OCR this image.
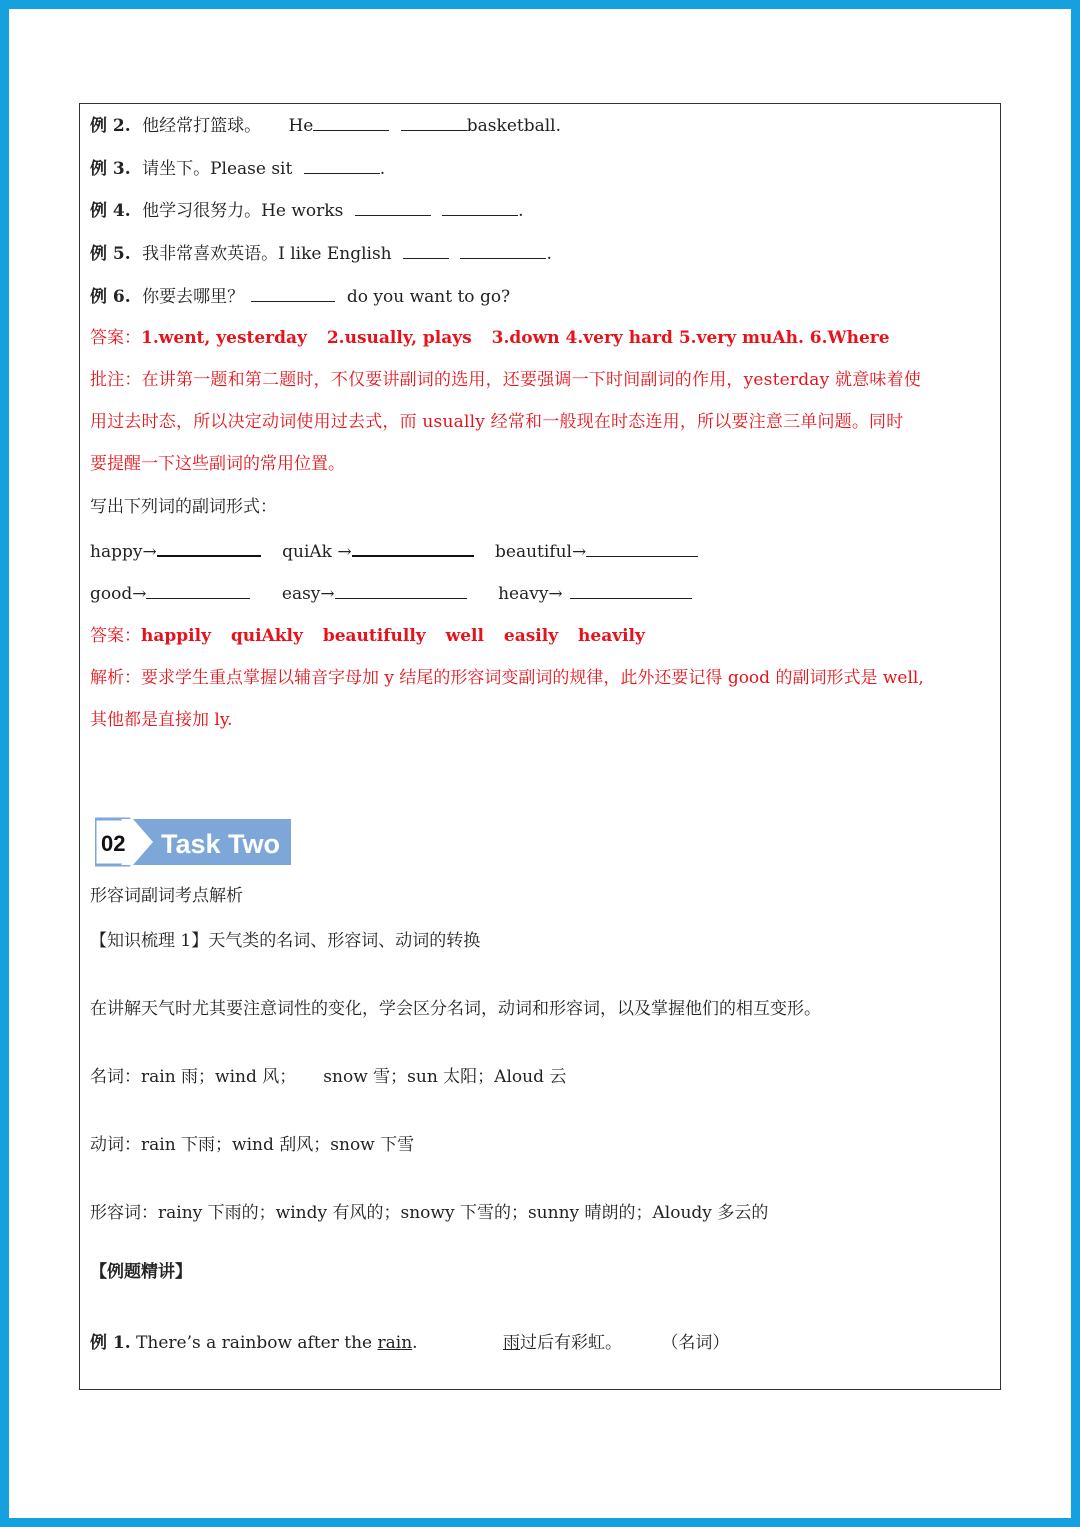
例 2. 他经常打篮球。 He	basketball.

例 3. 请坐下。Please sit	.

例 4. 他学习很努力。He works	.

例 5. 我非常喜欢英语。I like English	.

例 6. 你要去哪里？	do you want to go?

答案：1.went, yesterday 2.usually, plays 3.down 4.very hard 5.very muAh. 6.Where

批注：在讲第一题和第二题时，不仅要讲副词的选用，还要强调一下时间副词的作用，yesterday 就意味着使

用过去时态，所以决定动词使用过去式，而 usually 经常和一般现在时态连用，所以要注意三单问题。同时

要提醒一下这些副词的常用位置。

写出下列词的副词形式：

happy→	quiAk →	beautiful→

good→	easy→	heavy→

答案：happily quiAkly beautifully well easily heavily

解析：要求学生重点掌握以辅音字母加 y 结尾的形容词变副词的规律，此外还要记得 good 的副词形式是 well,

其他都是直接加 ly.

02 Task Two

形容词副词考点解析

【知识梳理 1】天气类的名词、形容词、动词的转换

在讲解天气时尤其要注意词性的变化，学会区分名词，动词和形容词，以及掌握他们的相互变形。

名词：rain 雨；wind 风；     snow 雪；sun 太阳；Aloud 云

动词：rain 下雨；wind 刮风；snow 下雪

形容词：rainy 下雨的；windy 有风的；snowy 下雪的；sunny 晴朗的；Aloudy 多云的

【例题精讲】

例 1. There’s a rainbow after the rain.	雨过后有彩虹。 （名词）
